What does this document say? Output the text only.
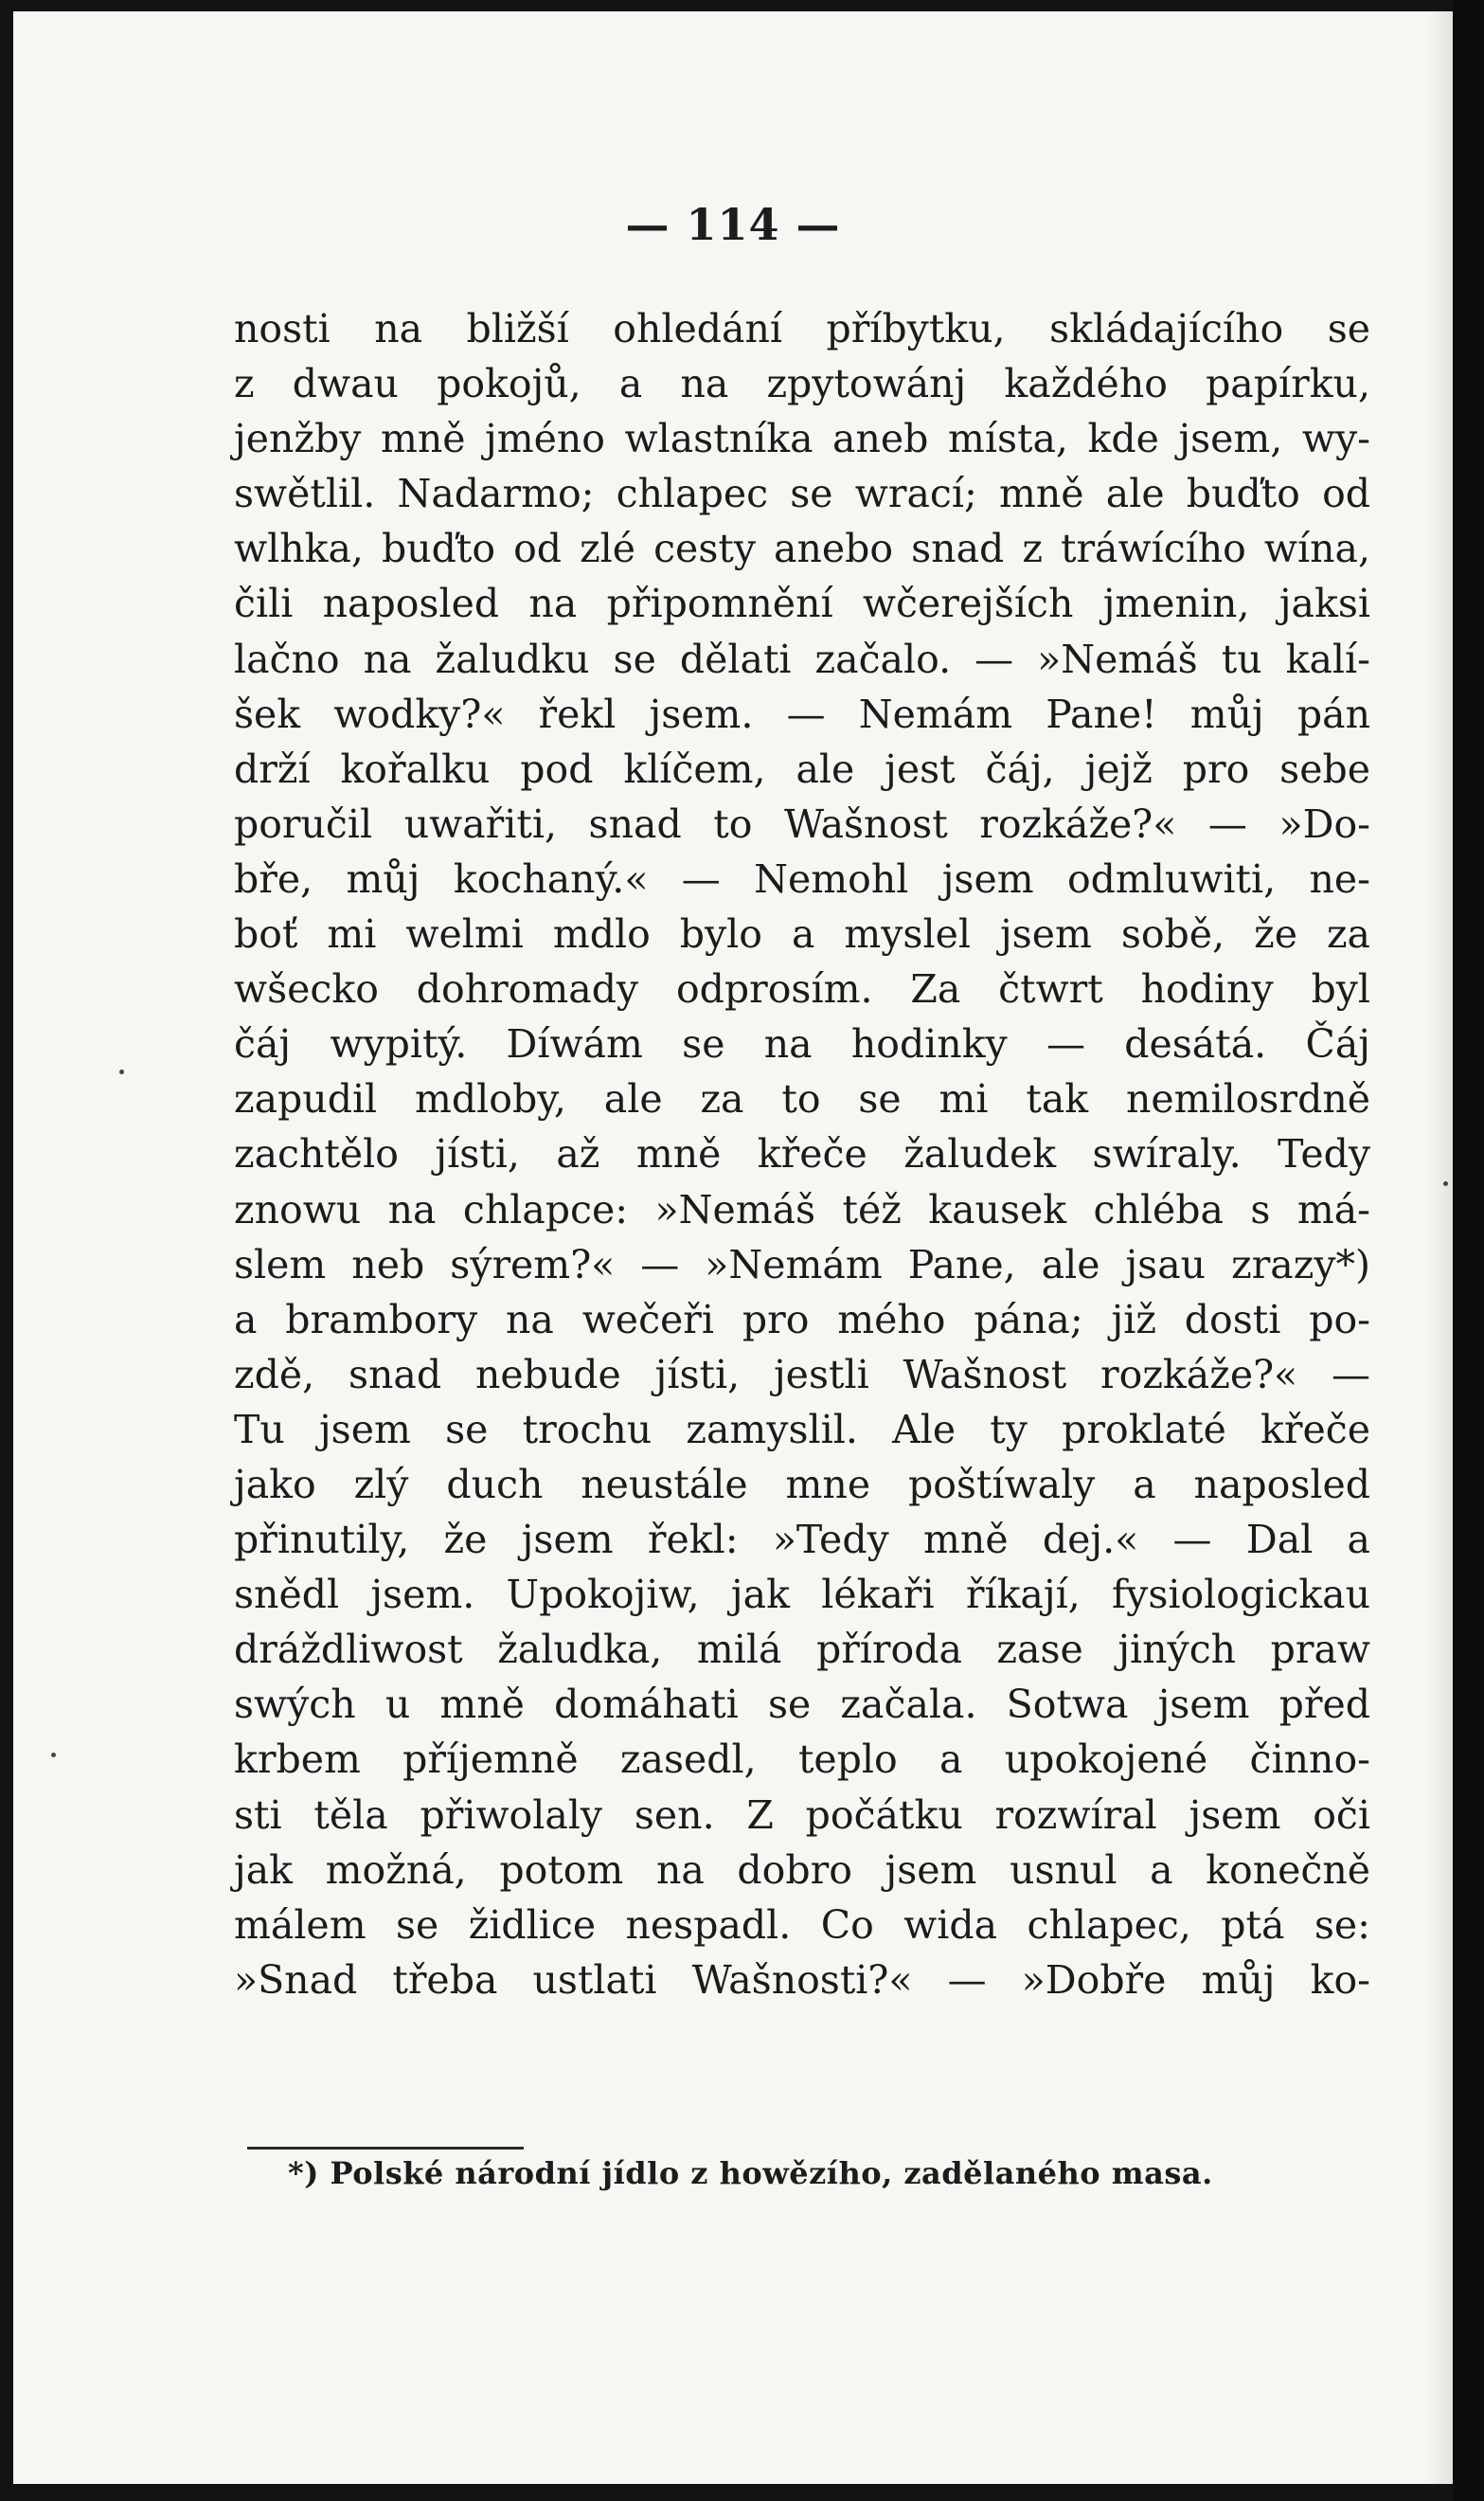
— 114 —
nosti na bližší ohledání příbytku, skládajícího se
z dwau pokojů, a na zpytowánj každého papírku,
jenžby mně jméno wlastníka aneb místa, kde jsem, wy-
swětlil. Nadarmo; chlapec se wrací; mně ale buďto od
wlhka, buďto od zlé cesty anebo snad z tráwícího wína,
čili naposled na připomnění wčerejších jmenin, jaksi
lačno na žaludku se dělati začalo. — »Nemáš tu kalí-
šek wodky?« řekl jsem. — Nemám Pane! můj pán
drží kořalku pod klíčem, ale jest čáj, jejž pro sebe
poručil uwařiti, snad to Wašnost rozkáže?« — »Do-
bře, můj kochaný.« — Nemohl jsem odmluwiti, ne-
boť mi welmi mdlo bylo a myslel jsem sobě, že za
wšecko dohromady odprosím. Za čtwrt hodiny byl
čáj wypitý. Díwám se na hodinky — desátá. Čáj
zapudil mdloby, ale za to se mi tak nemilosrdně
zachtělo jísti, až mně křeče žaludek swíraly. Tedy
znowu na chlapce: »Nemáš též kausek chléba s má-
slem neb sýrem?« — »Nemám Pane, ale jsau zrazy*)
a brambory na wečeři pro mého pána; již dosti po-
zdě, snad nebude jísti, jestli Wašnost rozkáže?« —
Tu jsem se trochu zamyslil. Ale ty proklaté křeče
jako zlý duch neustále mne poštíwaly a naposled
přinutily, že jsem řekl: »Tedy mně dej.« — Dal a
snědl jsem. Upokojiw, jak lékaři říkají, fysiologickau
dráždliwost žaludka, milá příroda zase jiných praw
swých u mně domáhati se začala. Sotwa jsem před
krbem příjemně zasedl, teplo a upokojené činno-
sti těla přiwolaly sen. Z počátku rozwíral jsem oči
jak možná, potom na dobro jsem usnul a konečně
málem se židlice nespadl. Co wida chlapec, ptá se:
»Snad třeba ustlati Wašnosti?« — »Dobře můj ko-
*) Polské národní jídlo z howězího, zadělaného masa.
